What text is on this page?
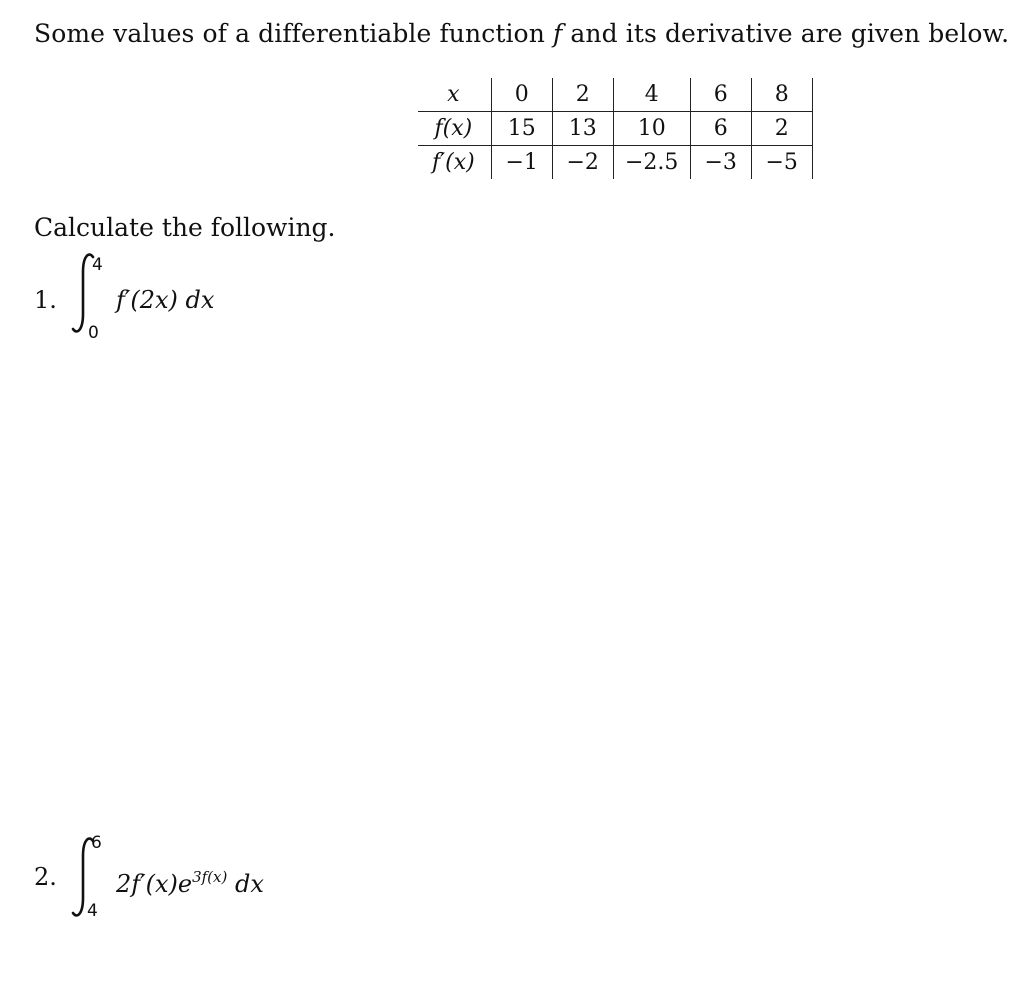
Some values of a differentiable function f and its derivative are given below.
x	0	2	4	6	8
f(x)	15	13	10	6	2
f′(x)	−1	−2	−2.5	−3	−5
Calculate the following.
1.
4
0
f′(2x) dx
2.
6
4
$2f'(x)e^{3f(x)}$ dx
